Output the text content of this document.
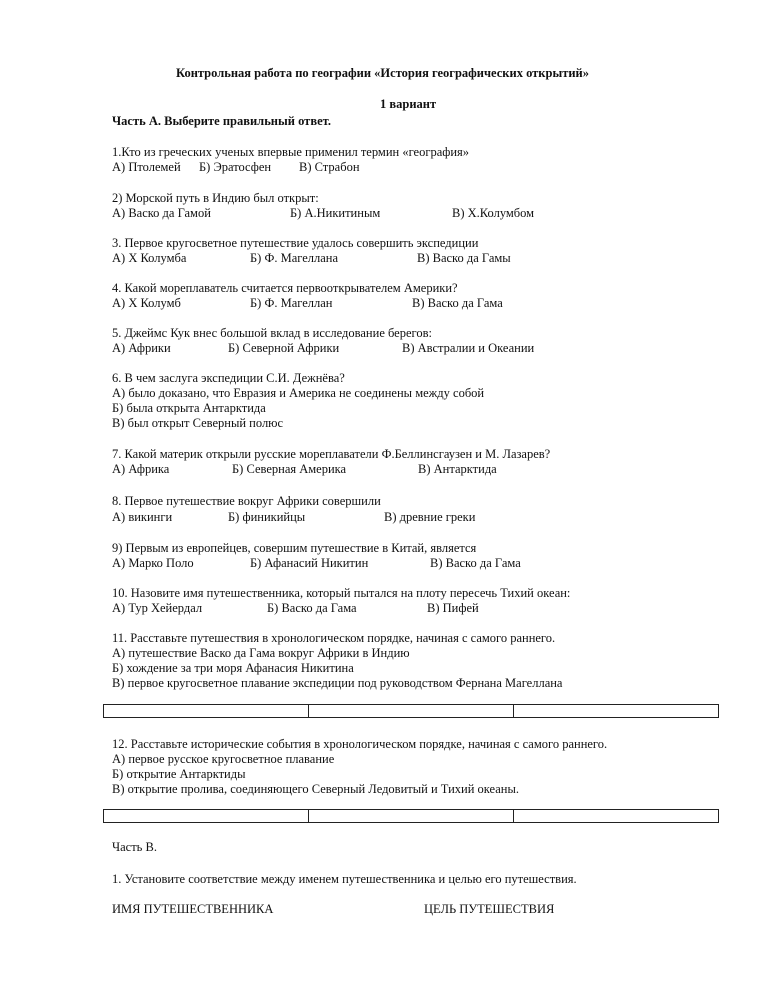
Контрольная работа по географии «История географических открытий»
1 вариант
Часть А. Выберите правильный ответ.
1.Кто из греческих ученых впервые применил термин «география»
А) Птолемей Б) Эратосфен В) Страбон
2) Морской путь в Индию был открыт:
А) Васко да Гамой	Б) А.Никитиным	В) Х.Колумбом
3. Первое кругосветное путешествие удалось совершить экспедиции
А) Х Колумба	Б) Ф. Магеллана	В) Васко да Гамы
4. Какой мореплаватель считается первооткрывателем Америки?
А) Х Колумб	Б) Ф. Магеллан	В) Васко да Гама
5. Джеймс Кук внес большой вклад в исследование берегов:
А) Африки	Б) Северной Африки	В) Австралии и Океании
6. В чем заслуга экспедиции С.И. Дежнёва?
А) было доказано, что Евразия и Америка не соединены между собой
Б) была открыта Антарктида
В) был открыт Северный полюс
7. Какой материк открыли русские мореплаватели Ф.Беллинсгаузен и М. Лазарев?
А) Африка	Б) Северная Америка	В) Антарктида
8. Первое путешествие вокруг Африки совершили
А) викинги	Б) финикийцы	В) древние греки
9) Первым из европейцев, совершим путешествие в Китай, является
А) Марко Поло	Б) Афанасий Никитин	В) Васко да Гама
10. Назовите имя путешественника, который пытался на плоту пересечь Тихий океан:
А) Тур Хейердал	Б) Васко да Гама	В) Пифей
11. Расставьте путешествия в хронологическом порядке, начиная с самого раннего.
А) путешествие Васко да Гама вокруг Африки в Индию
Б) хождение за три моря Афанасия Никитина
В) первое кругосветное плавание экспедиции под руководством Фернана Магеллана
12. Расставьте исторические события в хронологическом порядке, начиная с самого раннего.
А) первое русское кругосветное плавание
Б) открытие Антарктиды
В) открытие пролива, соединяющего Северный Ледовитый и Тихий океаны.
Часть В.
1. Установите соответствие между именем путешественника и целью его путешествия.
ИМЯ ПУТЕШЕСТВЕННИКА	ЦЕЛЬ ПУТЕШЕСТВИЯ
